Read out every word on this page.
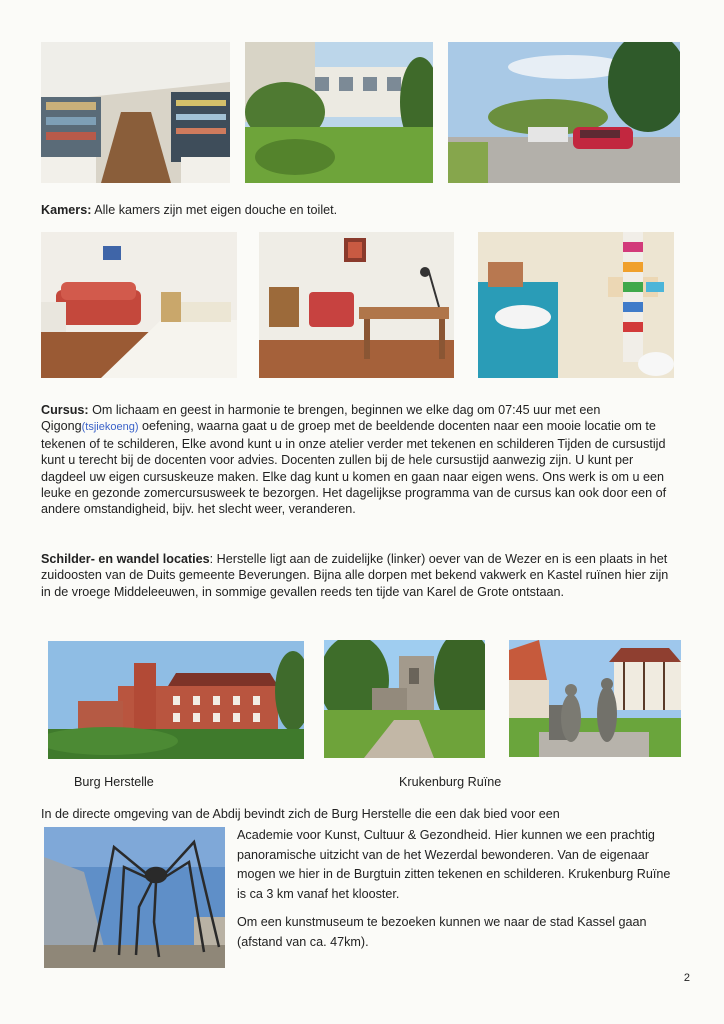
Kamers: Alle kamers zijn met eigen douche en toilet.

Cursus: Om lichaam en geest in harmonie te brengen, beginnen we elke dag om 07:45 uur met een Qigong(tsjiekoeng) oefening, waarna gaat u de groep met de beeldende docenten naar een mooie locatie om te tekenen of te schilderen, Elke avond kunt u in onze atelier verder met tekenen en schilderen Tijden de cursustijd kunt u terecht bij de docenten voor advies. Docenten zullen bij de hele cursustijd aanwezig zijn. U kunt per dagdeel uw eigen cursuskeuze maken. Elke dag kunt u komen en gaan naar eigen wens. Ons werk is om u een leuke en gezonde zomercursusweek te bezorgen. Het dagelijkse programma van de cursus kan ook door een of andere omstandigheid, bijv. het slecht weer, veranderen.

Schilder- en wandel locaties: Herstelle ligt aan de zuidelijke (linker) oever van de Wezer en is een plaats in het zuidoosten van de Duits gemeente Beverungen. Bijna alle dorpen met bekend vakwerk en Kastel ruïnen hier zijn in de vroege Middeleeuwen, in sommige gevallen reeds ten tijde van Karel de Grote ontstaan.

Burg Herstelle	Krukenburg Ruïne

In de directe omgeving van de Abdij bevindt zich de Burg Herstelle die een dak bied voor een

Academie voor Kunst, Cultuur & Gezondheid. Hier kunnen we een prachtig panoramische uitzicht van de het Wezerdal bewonderen. Van de eigenaar mogen we hier in de Burgtuin zitten tekenen en schilderen. Krukenburg Ruïne is ca 3 km vanaf het klooster.

Om een kunstmuseum te bezoeken kunnen we naar de stad Kassel gaan (afstand van ca. 47km).

2
